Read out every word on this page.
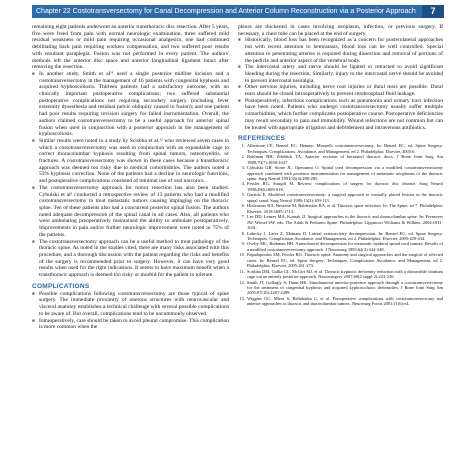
Chapter 22 Costotransversectomy for Canal Decompression and Anterior Column Reconstruction via a Posterior Approach	7

remaining eight patients underwent an anterior transthoracic disc resection. After 5 years, five were freed from pain with normal neurologic examination, three suffered mild residual weakness or mild pain requiring occasional analgesics, one had continued debilitating back pain requiring workers compensation, and two suffered poor results with resultant paraplegia. Fusion was not performed in every patient. The authors' methods left the anterior disc space and anterior longitudinal ligament intact after removing the resection.

■ In another study, Smith et al¹¹ used a single posterior midline incision and a costotransversectomy in the management of 16 patients with congenital kyphosis and acquired kyphoscoliosis. Thirteen patients had a satisfactory outcome, with no clinically important postoperative complications; two suffered substantial postoperative complications not requiring secondary surgery (including fever extremity dysesthesia and residual pelvic obliquity caused to fusion); and one patient had poor results requiring revision surgery for failed instrumentation. Overall, the authors claimed costotransversectomy to be a useful approach for anterior spinal fusion when used in conjunction with a posterior approach in the management of kyphoscoliosis.

■ Similar results were noted in a study by Scisbba et al,¹² who reviewed seven cases in which a costotransversectomy was used in conjunction with an expandable cage to correct thoracolumbar kyphosis resulting from spinal tumors, osteomyelitis, or fractures. A costotransversectomy was shown in these cases because a transthoracic approach was deemed too risky due to medical comorbidities. The authors noted a 53% kyphosis correction. None of the patients had a decline in neurologic functions, and postoperative complications consisted of minimal use of oral narcotics.

■ The costotransversectomy approach for tumor resection has also been studied. Cybulski et al¹ conducted a retrospective review of 13 patients who had a modified costotransversectomy to treat metastatic tumors causing impinging on the thoracic spine. Ten of these patients also had a concurrent posterior spinal fusion. The authors noted adequate decompression of the spinal canal in all cases. Also, all patients who were ambulating preoperatively maintained the ability to ambulate postoperatively. Improvements in pain and/or further neurologic improvement were noted in 75% of the patients.

■ The costotransversectomy approach can be a useful method to treat pathology of the thoracic spine. As noted in the studies cited, there are many risks associated with this procedure, and a thorough discussion with the patient regarding the risks and benefits of the surgery is recommended prior to surgery. However, it can have very good results when used for the right indications. It seems to have maximum benefit when a transthoracic approach is deemed too risky or morbid for the patient to tolerate.

COMPLICATIONS

■ Possible complications following costotransversectomy are those typical of spine surgery. The immediate proximity of onerous structures with neurovascular and visceral anatomy establishes a technical challenge with several possible complications to be aware of. But overall, complications tend to be uncommonly observed.

■ Intraoperatively, care should be taken to avoid pleural compromise. This complication is more common when the

pleura are thickened in cases involving neoplasm, infection, or previous surgery. If necessary, a chest tube can be placed at the end of surgery.

■ Historically, blood loss has been recognized as a concern for posterolateral approaches but with recent attention to hemostasis, blood loss can be well controlled. Special attention to penetrating arteries is required during dissection and removal of portions of the pedicle and anterior aspect of the vertebral body.

■ The intercostal artery and nerve should be ligated or retracted to avoid significant bleeding during the resection. Similarly, injury to the intercostal nerve should be avoided to prevent intercostal neuralgia.

■ Other nervous injuries, including nerve root injuries or dural tears are possible. Dural tears should be closed intraoperatively to prevent cerebrospinal fluid leakage.

■ Postoperatively, infectious complications such as pneumonia and urinary tract infection have been noted. Patients who undergo costotransversectomy usually suffer multiple comorbidities, which further complicates postoperative course. Postoperative deficiencies may result secondary to pain and immobility. Wound infections are not common but can be treated with appropriate irrigation and debridement and intravenous antibiotics.

REFERENCES

1. Albertone CE, Benzel EC. Hennry: Menard's costotransversectomy. In: Benzel EC, ed. Spine Surgery: Techniques, Complications, Avoidance, and Management, ed 2. Philadelphia: Elsevier, 2005:6.

2. Bohlman HH, Zdeblick TA. Anterior excision of herniated thoracic discs. J Bone Joint Surg Am 1988;70(7):1038-1047.

3. Cybulski GR, Stone JL, Opesanmi O. Spinal cord decompression via a modified costotransversectomy approach combined with posterior instrumentation for management of metastatic neoplasms of the thoracic spine. Surg Neurol 1991;35(4):280-285.

4. Fessler RG, Sturgill M. Review: complications of surgery for thoracic disc disease. Surg Neurol 1998;49(6):609-618.

5. Garrido E. Modified costotransversectomy: a surgical approach to ventrally placed lesions in the thoracic spinal canal. Surg Neurol 1980;13(2):109-113.

6. Hodvarzas HA, Bessette M, Balderston RA, et al. Thoracic spine infection. In: The Spine, ed 7. Philadelphia: Elsevier, 2018:1685-1713.

7. Lee DD, Lenzer MA, Kornak JJ. Surgical approaches to the thoracic and thoracolumbar spine. In: Frymoyer JW, Wiesel SW, eds. The Adult & Pediatric Spine. Philadelphia: Lippincott Williams & Wilkins, 2004:1011-1041.

8. Lubicky J, Lafer Z, Mainam D. Lateral extracavitary decompression. In: Benzel EC, ed. Spine Surgery: Techniques, Complication Avoidance, and Management, ed 2. Philadelphia: Elsevier, 2005:429-434.

9. Oveby MC, Rothman HH. Anterolateral decompression for metastatic epidural spinal cord tumors. Results of a modified costotransversectomy approach. J Neurosurg 1985;62(3):344-348.

10. Papadopoulos SM, Fessler RG. Thoracic spine: Anatomy and surgical approaches and the surgical of selected cases. In: Benzel EC, ed. Spine Surgery: Techniques, Complication Avoidance, and Management, ed 2. Philadelphia: Elsevier, 2005:261-273.

11. Scisbba DM, Gallia GL, McGirt MJ, et al. Thoracic kyphotic deformity reduction with a distractible titanium cage via an entirely posterior approach. Neurosurgery 2007;60(4 suppl 2):223-230.

12. Smith JT, Gollogly S, Dunn HK. Simultaneous anterior-posterior approach through a costotransversectomy for the treatment of congenital kyphosis and acquired kyphoscoliotic deformities. J Bone Joint Surg Am 2005;87(10):2281-2289.

13. Wiggins GC, Mirza S, Bellabarba C, et al. Perioperative complications with costotransversectomy and anterior approaches to thoracic and thoracolumbar tumors. Neurosurg Focus 2001;11(6):e4.
